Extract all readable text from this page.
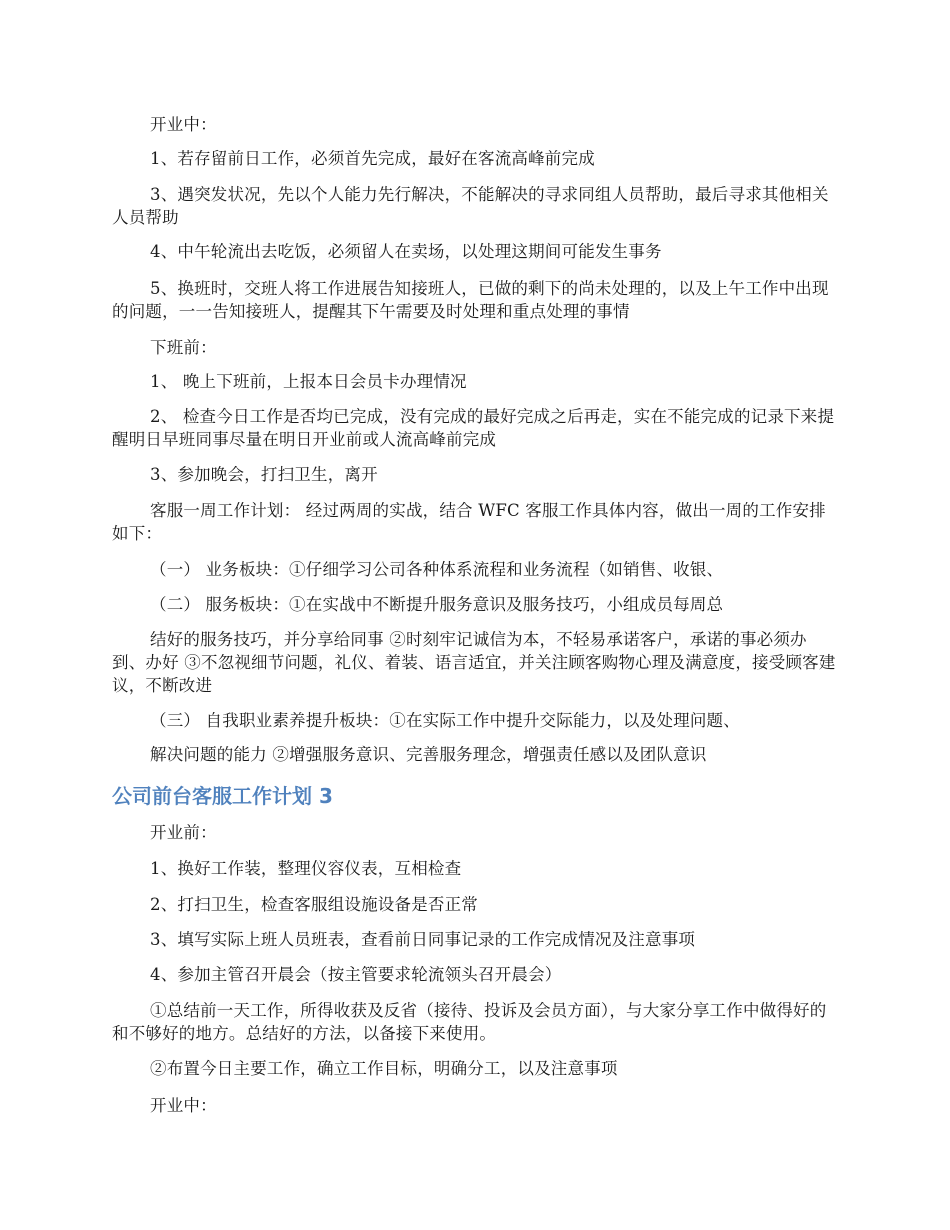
开业中：

1、若存留前日工作，必须首先完成，最好在客流高峰前完成

3、遇突发状况，先以个人能力先行解决，不能解决的寻求同组人员帮助，最后寻求其他相关人员帮助

4、中午轮流出去吃饭，必须留人在卖场，以处理这期间可能发生事务

5、换班时，交班人将工作进展告知接班人，已做的剩下的尚未处理的，以及上午工作中出现的问题，一一告知接班人，提醒其下午需要及时处理和重点处理的事情

下班前：

1、 晚上下班前，上报本日会员卡办理情况

2、 检查今日工作是否均已完成，没有完成的最好完成之后再走，实在不能完成的记录下来提醒明日早班同事尽量在明日开业前或人流高峰前完成

3、参加晚会，打扫卫生，离开

客服一周工作计划： 经过两周的实战，结合 WFC 客服工作具体内容，做出一周的工作安排如下：

（一） 业务板块：①仔细学习公司各种体系流程和业务流程（如销售、收银、

（二） 服务板块：①在实战中不断提升服务意识及服务技巧，小组成员每周总

结好的服务技巧，并分享给同事 ②时刻牢记诚信为本，不轻易承诺客户，承诺的事必须办到、办好 ③不忽视细节问题，礼仪、着装、语言适宜，并关注顾客购物心理及满意度，接受顾客建议，不断改进

（三） 自我职业素养提升板块：①在实际工作中提升交际能力，以及处理问题、

解决问题的能力 ②增强服务意识、完善服务理念，增强责任感以及团队意识

公司前台客服工作计划 3

开业前：

1、换好工作装，整理仪容仪表，互相检查

2、打扫卫生，检查客服组设施设备是否正常

3、填写实际上班人员班表，查看前日同事记录的工作完成情况及注意事项

4、参加主管召开晨会（按主管要求轮流领头召开晨会）

①总结前一天工作，所得收获及反省（接待、投诉及会员方面），与大家分享工作中做得好的和不够好的地方。总结好的方法，以备接下来使用。

②布置今日主要工作，确立工作目标，明确分工，以及注意事项

开业中：
